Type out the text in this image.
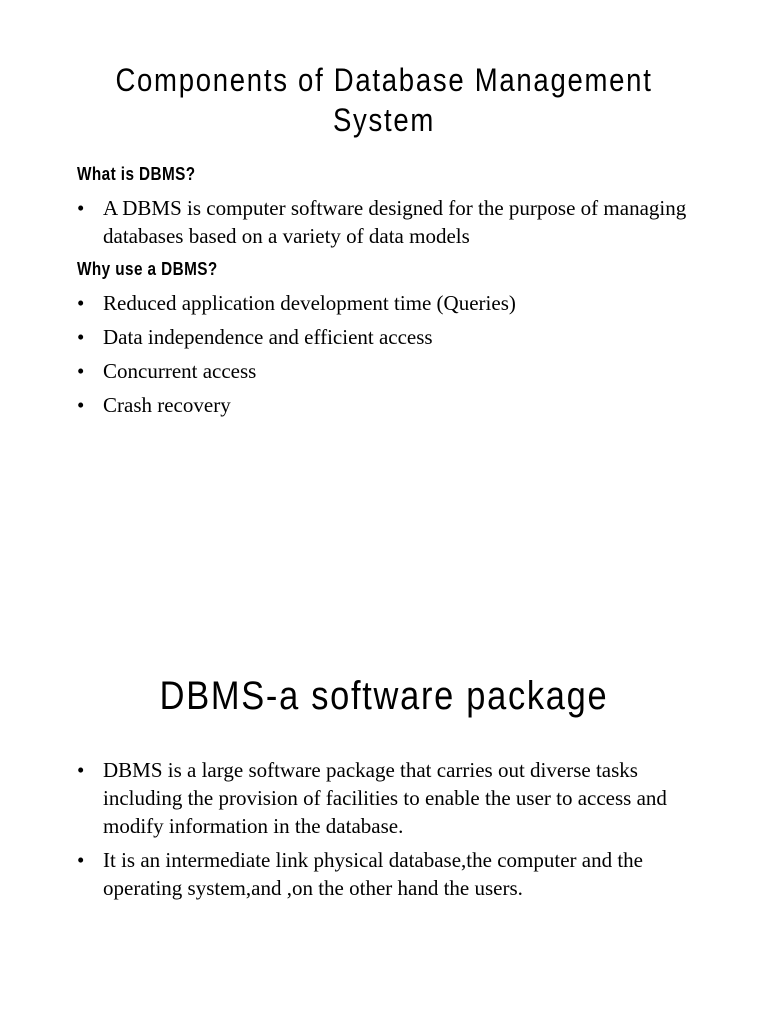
Components of Database Management System
What is DBMS?
• A DBMS is computer software designed for the purpose of managing databases based on a variety of data models
Why use a DBMS?
• Reduced application development time (Queries)
• Data independence and efficient access
• Concurrent access
• Crash recovery
DBMS-a software package
• DBMS is a large software package that carries out diverse tasks including the provision of facilities to enable the user to access and modify information in the database.
• It is an intermediate link physical database,the computer and the operating system,and ,on the other hand the users.
